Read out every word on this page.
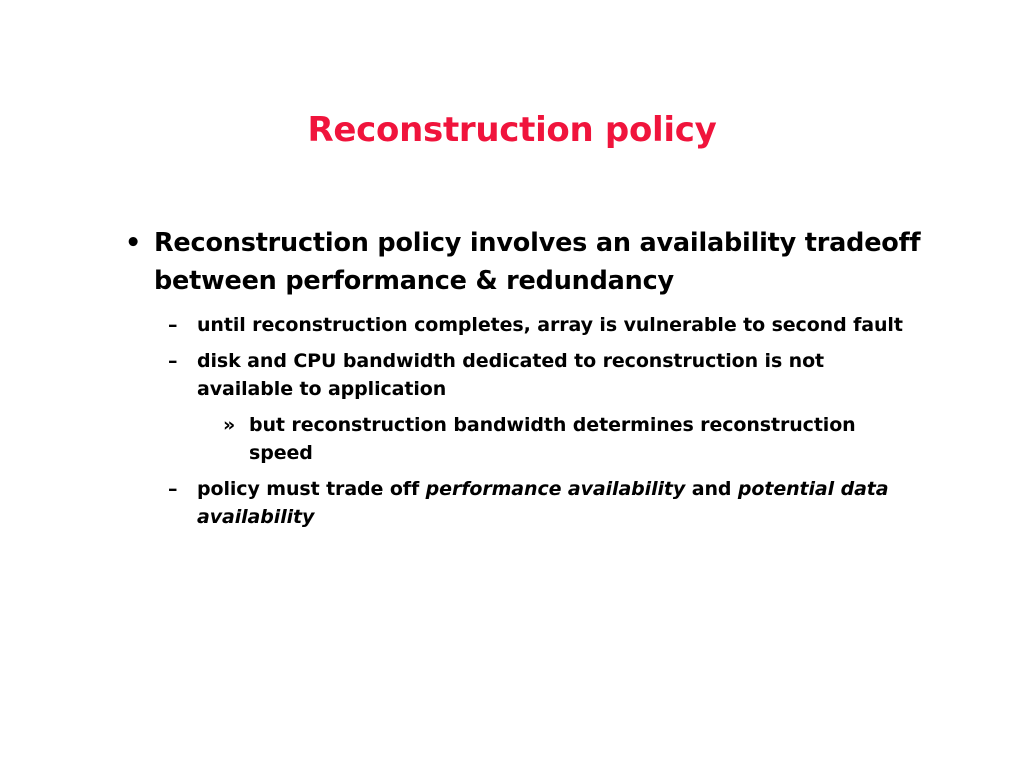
Reconstruction policy
• Reconstruction policy involves an availability tradeoff between performance & redundancy
– until reconstruction completes, array is vulnerable to second fault
– disk and CPU bandwidth dedicated to reconstruction is not available to application
» but reconstruction bandwidth determines reconstruction speed
– policy must trade off performance availability and potential data availability
